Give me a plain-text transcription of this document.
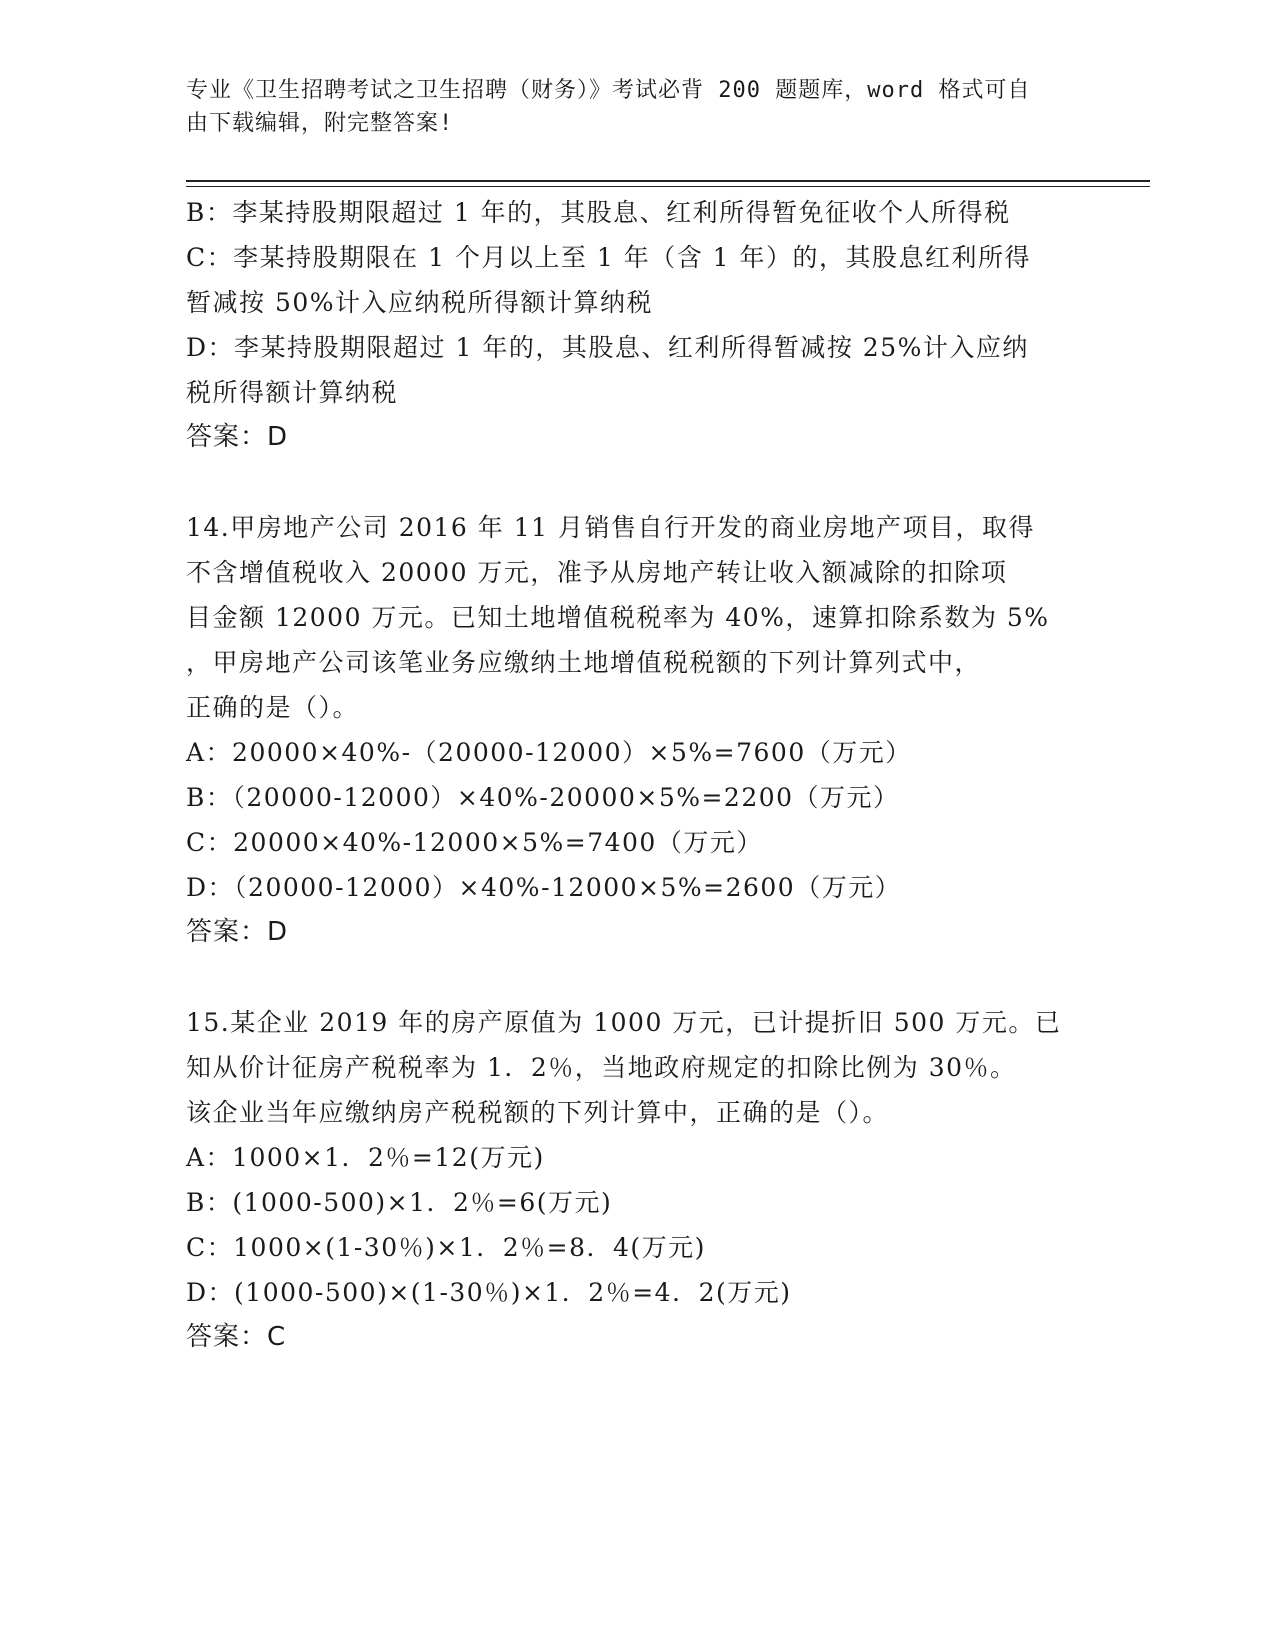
专业《卫生招聘考试之卫生招聘（财务）》考试必背 200 题题库，word 格式可自
由下载编辑，附完整答案!
B：李某持股期限超过 1 年的，其股息、红利所得暂免征收个人所得税
C：李某持股期限在 1 个月以上至 1 年（含 1 年）的，其股息红利所得
暂减按 50%计入应纳税所得额计算纳税
D：李某持股期限超过 1 年的，其股息、红利所得暂减按 25%计入应纳
税所得额计算纳税
答案：D
14.甲房地产公司 2016 年 11 月销售自行开发的商业房地产项目，取得
不含增值税收入 20000 万元，准予从房地产转让收入额减除的扣除项
目金额 12000 万元。已知土地增值税税率为 40%，速算扣除系数为 5%
，甲房地产公司该笔业务应缴纳土地增值税税额的下列计算列式中，
正确的是（）。
A：20000×40%-（20000-12000）×5%=7600（万元）
B：（20000-12000）×40%-20000×5%=2200（万元）
C：20000×40%-12000×5%=7400（万元）
D：（20000-12000）×40%-12000×5%=2600（万元）
答案：D
15.某企业 2019 年的房产原值为 1000 万元，已计提折旧 500 万元。已
知从价计征房产税税率为 1．2％，当地政府规定的扣除比例为 30％。
该企业当年应缴纳房产税税额的下列计算中，正确的是（）。
A：1000×1．2％=12(万元)
B：(1000-500)×1．2％=6(万元)
C：1000×(1-30％)×1．2％=8．4(万元)
D：(1000-500)×(1-30％)×1．2％=4．2(万元)
答案：C
